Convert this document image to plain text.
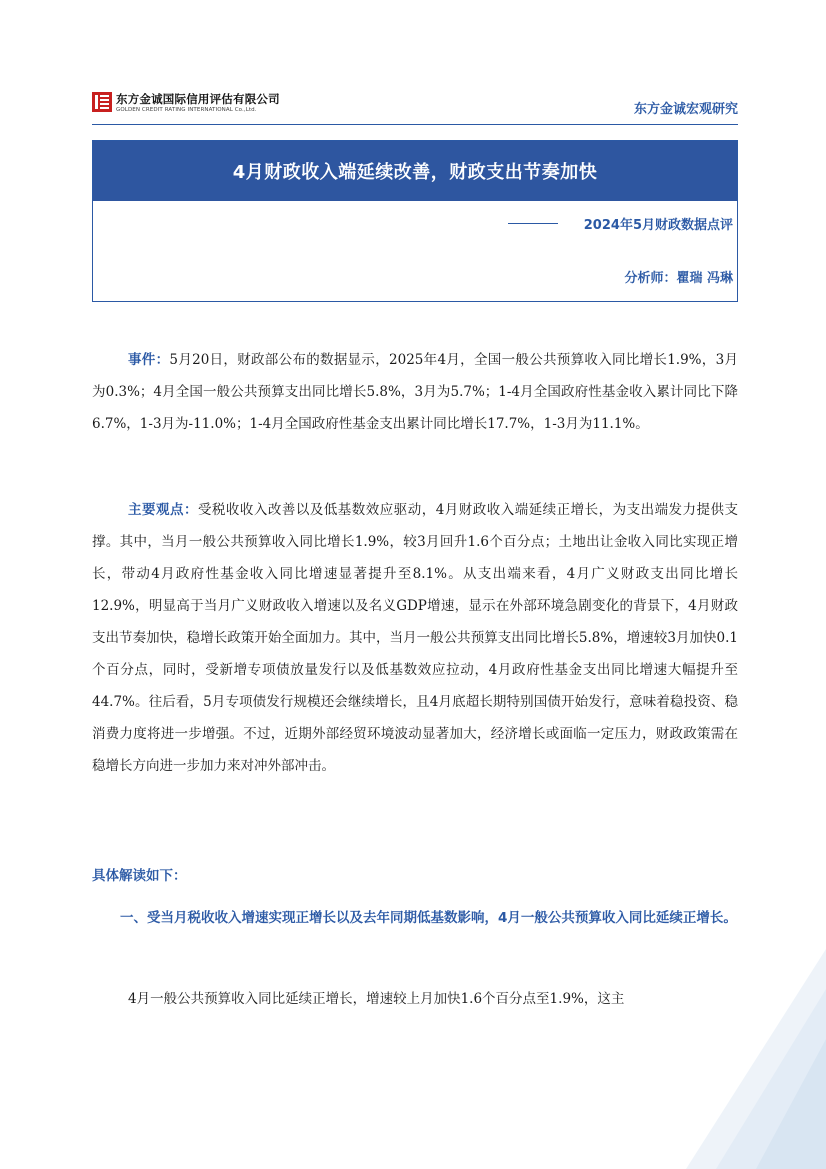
东方金诚国际信用评估有限公司
GOLDEN CREDIT RATING INTERNATIONAL Co.,Ltd.	东方金诚宏观研究
4月财政收入端延续改善，财政支出节奏加快
2024年5月财政数据点评
分析师：瞿瑞 冯琳
事件：5月20日，财政部公布的数据显示，2025年4月，全国一般公共预算收入同比增长1.9%，3月为0.3%；4月全国一般公共预算支出同比增长5.8%，3月为5.7%；1-4月全国政府性基金收入累计同比下降6.7%，1-3月为-11.0%；1-4月全国政府性基金支出累计同比增长17.7%，1-3月为11.1%。
主要观点：受税收收入改善以及低基数效应驱动，4月财政收入端延续正增长，为支出端发力提供支撑。其中，当月一般公共预算收入同比增长1.9%，较3月回升1.6个百分点；土地出让金收入同比实现正增长，带动4月政府性基金收入同比增速显著提升至8.1%。从支出端来看，4月广义财政支出同比增长12.9%，明显高于当月广义财政收入增速以及名义GDP增速，显示在外部环境急剧变化的背景下，4月财政支出节奏加快，稳增长政策开始全面加力。其中，当月一般公共预算支出同比增长5.8%，增速较3月加快0.1个百分点，同时，受新增专项债放量发行以及低基数效应拉动，4月政府性基金支出同比增速大幅提升至44.7%。往后看，5月专项债发行规模还会继续增长，且4月底超长期特别国债开始发行，意味着稳投资、稳消费力度将进一步增强。不过，近期外部经贸环境波动显著加大，经济增长或面临一定压力，财政政策需在稳增长方向进一步加力来对冲外部冲击。
具体解读如下：
一、受当月税收收入增速实现正增长以及去年同期低基数影响，4月一般公共预算收入同比延续正增长。
4月一般公共预算收入同比延续正增长，增速较上月加快1.6个百分点至1.9%，这主
